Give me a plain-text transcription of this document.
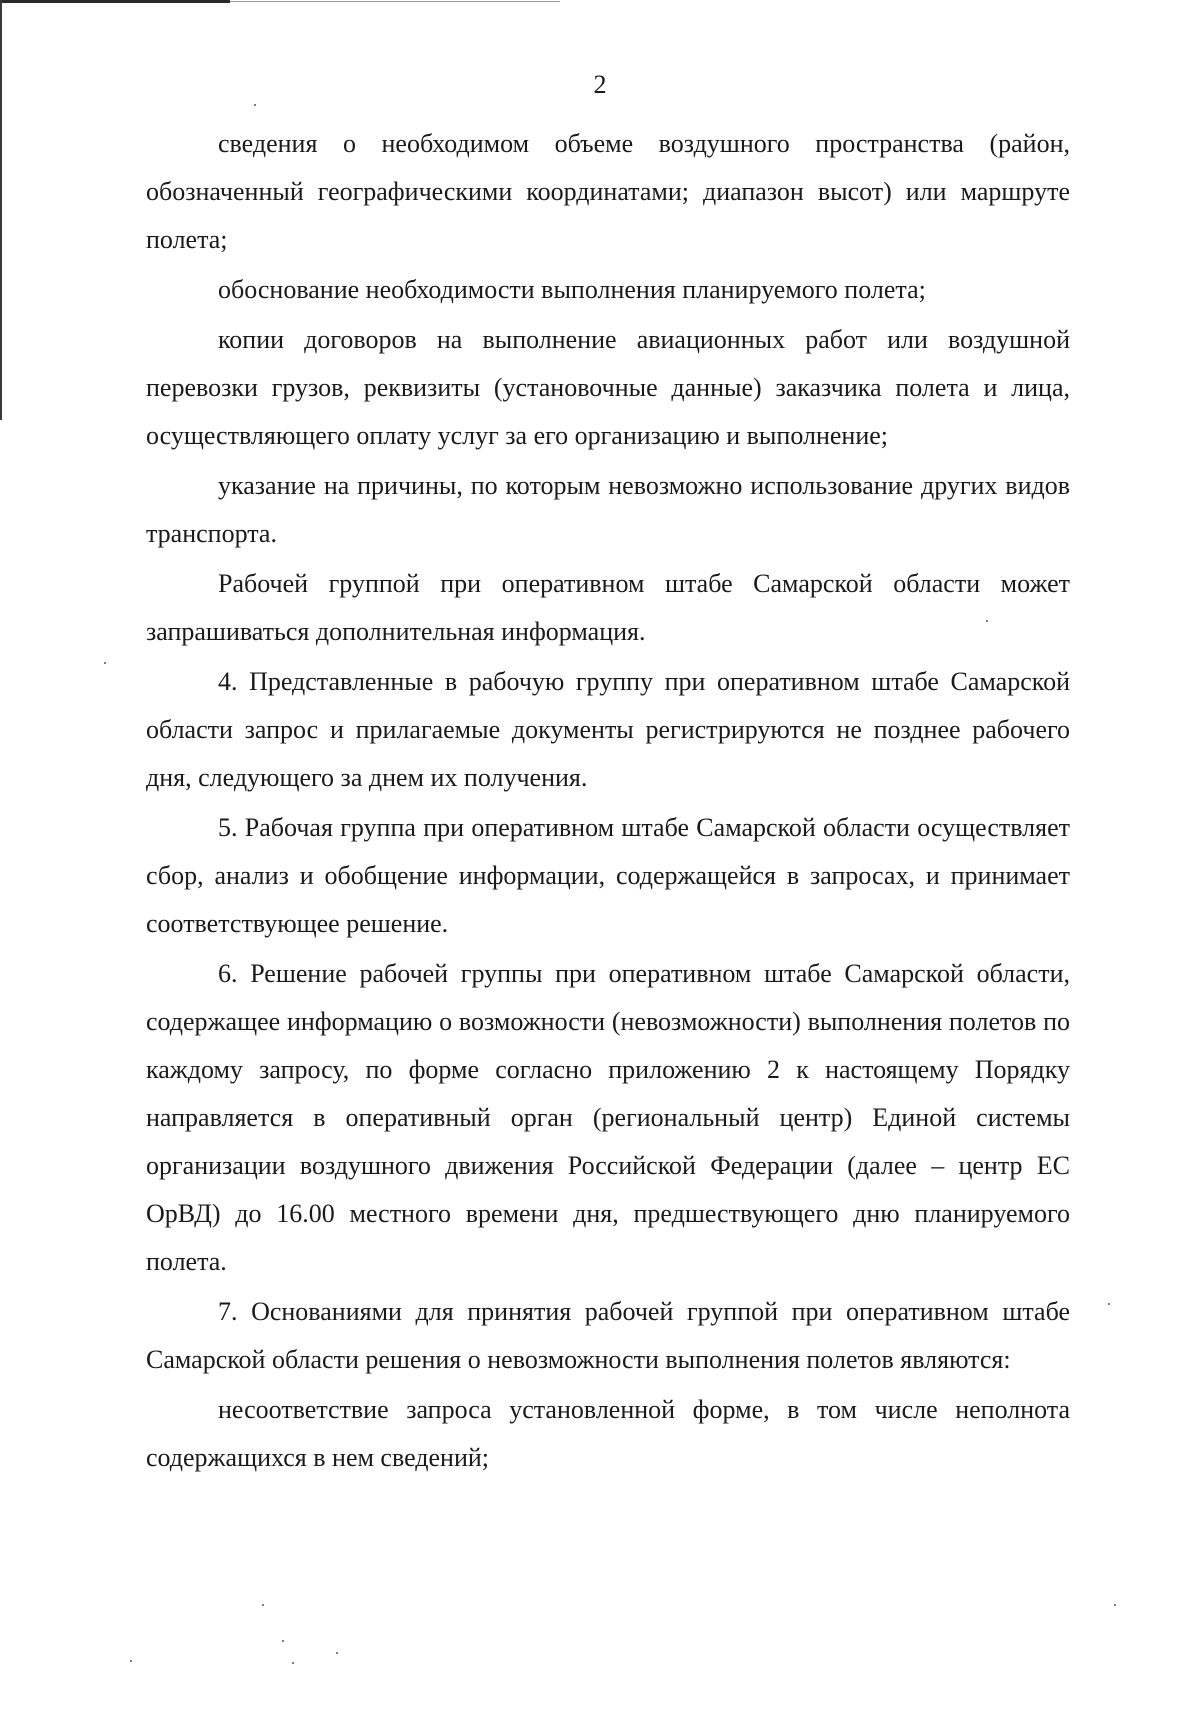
2

сведения о необходимом объеме воздушного пространства (район, обозначенный географическими координатами; диапазон высот) или маршруте полета;

обоснование необходимости выполнения планируемого полета;

копии договоров на выполнение авиационных работ или воздушной перевозки грузов, реквизиты (установочные данные) заказчика полета и лица, осуществляющего оплату услуг за его организацию и выполнение;

указание на причины, по которым невозможно использование других видов транспорта.

Рабочей группой при оперативном штабе Самарской области может запрашиваться дополнительная информация.

4. Представленные в рабочую группу при оперативном штабе Самарской области запрос и прилагаемые документы регистрируются не позднее рабочего дня, следующего за днем их получения.

5. Рабочая группа при оперативном штабе Самарской области осуществляет сбор, анализ и обобщение информации, содержащейся в запросах, и принимает соответствующее решение.

6. Решение рабочей группы при оперативном штабе Самарской области, содержащее информацию о возможности (невозможности) выполнения полетов по каждому запросу, по форме согласно приложению 2 к настоящему Порядку направляется в оперативный орган (региональный центр) Единой системы организации воздушного движения Российской Федерации (далее – центр ЕС ОрВД) до 16.00 местного времени дня, предшествующего дню планируемого полета.

7. Основаниями для принятия рабочей группой при оперативном штабе Самарской области решения о невозможности выполнения полетов являются:

несоответствие запроса установленной форме, в том числе неполнота содержащихся в нем сведений;
